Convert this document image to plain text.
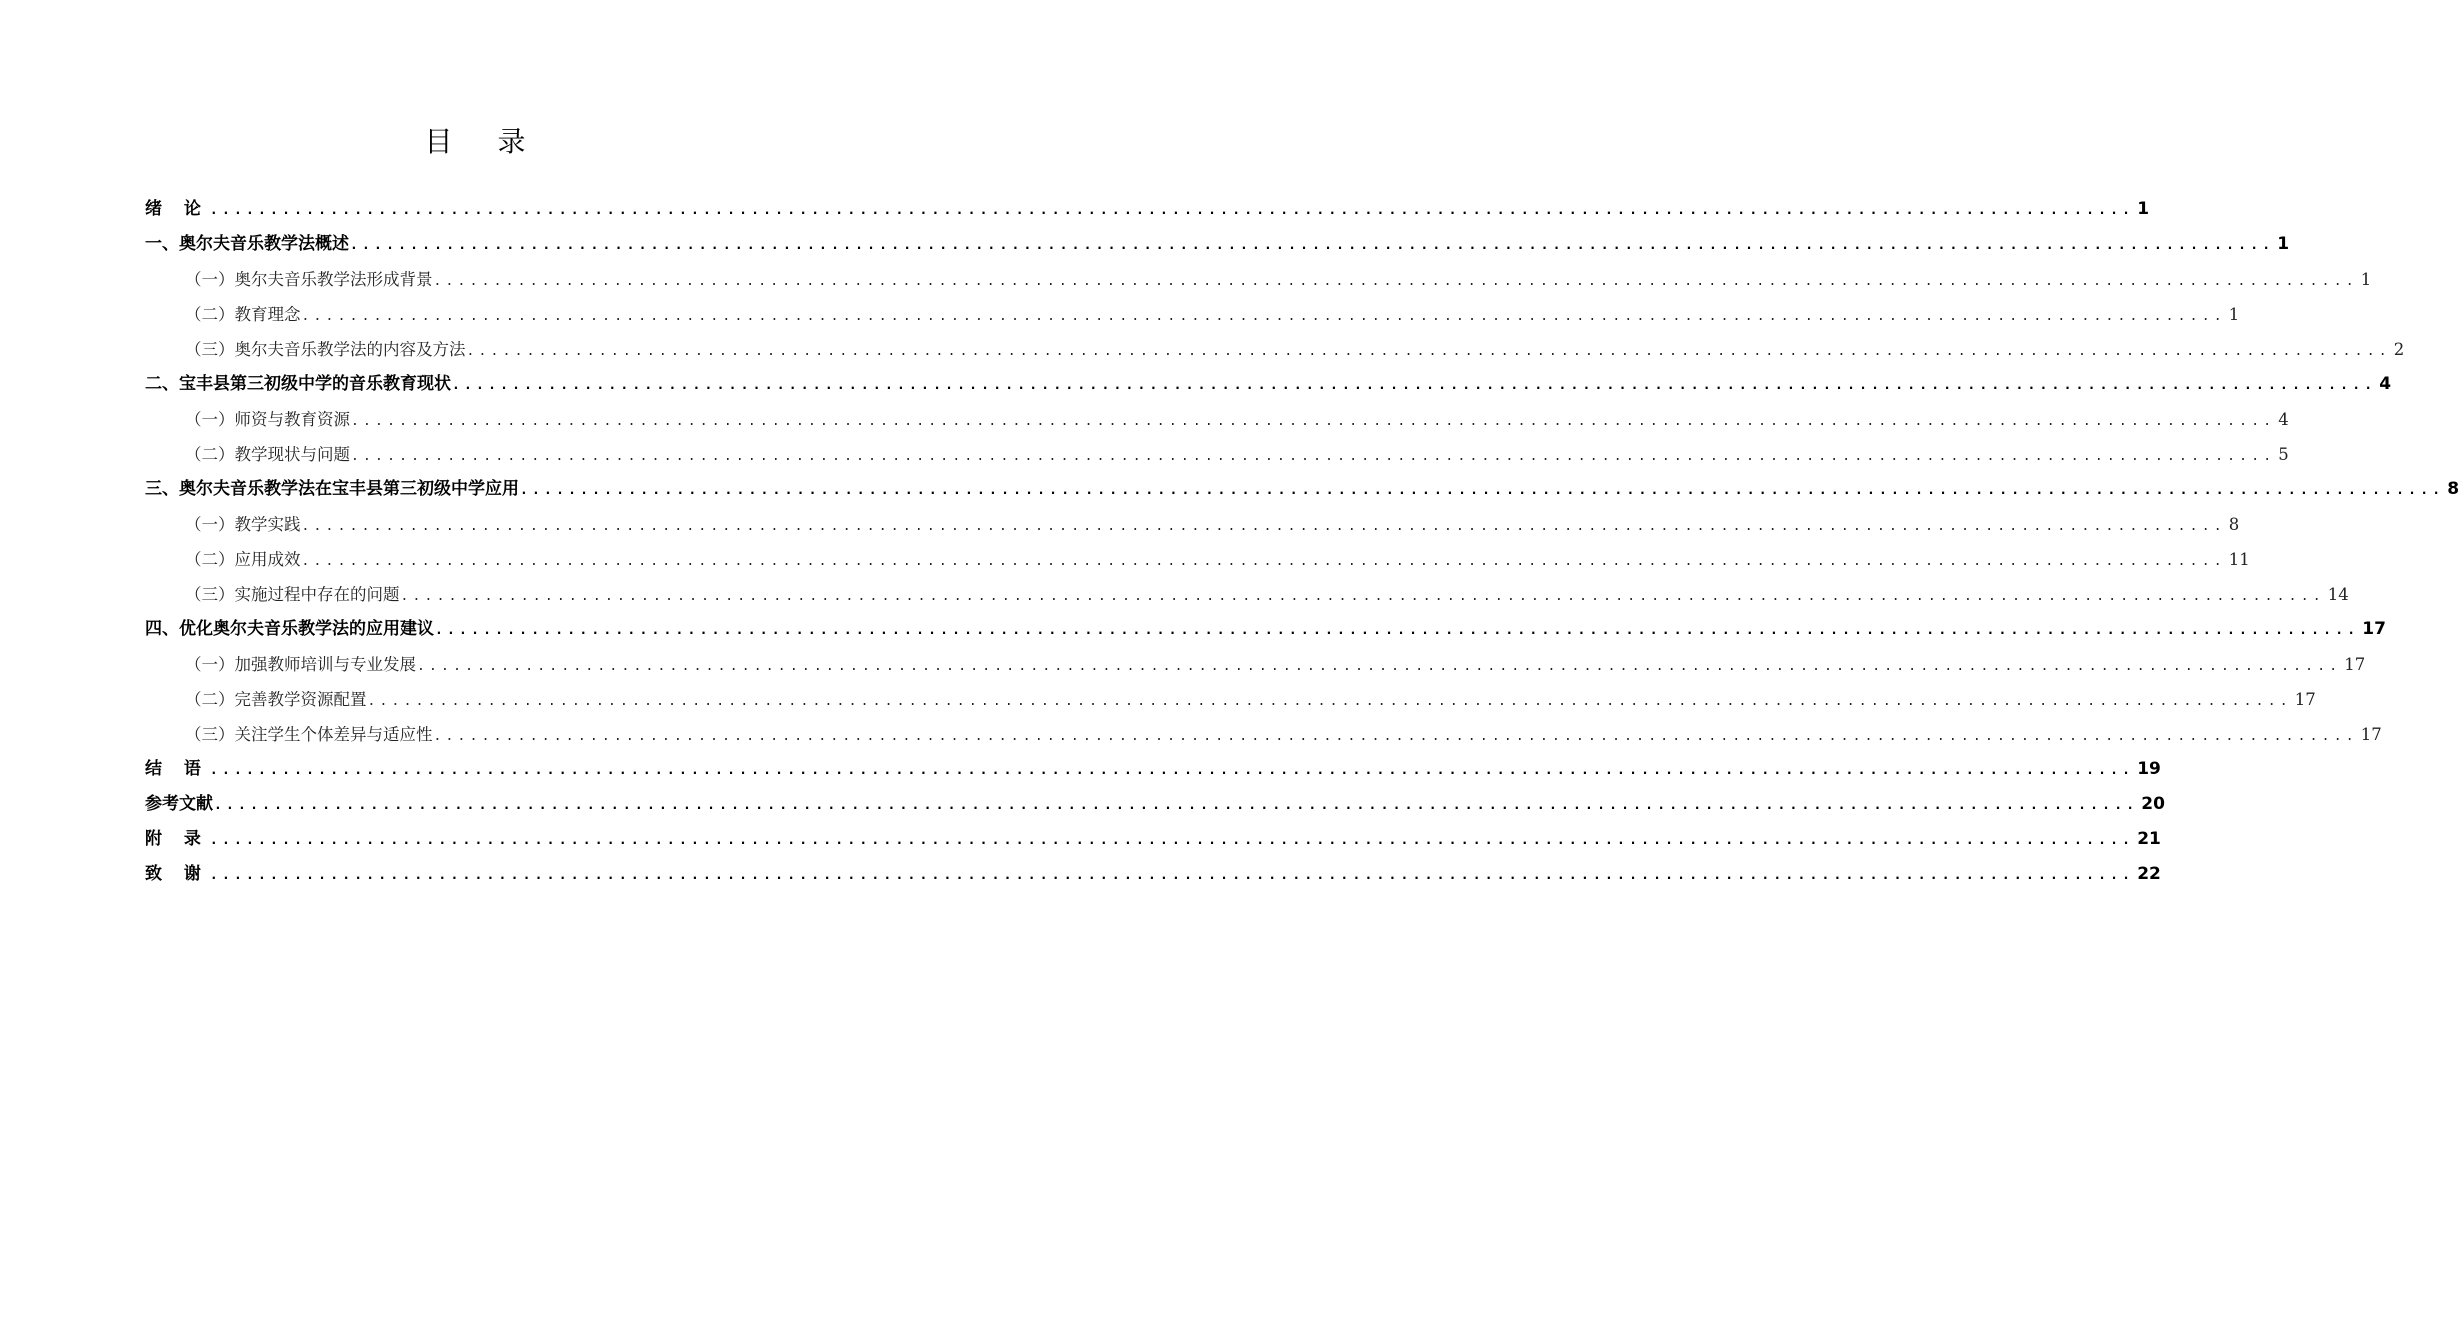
目 录
绪 论 ................................................................................................................................................................ 1
一、奥尔夫音乐教学法概述 ................................................................................................................................................................ 1
（一）奥尔夫音乐教学法形成背景 ................................................................................................................................................................ 1
（二）教育理念 ................................................................................................................................................................ 1
（三）奥尔夫音乐教学法的内容及方法 ................................................................................................................................................................ 2
二、宝丰县第三初级中学的音乐教育现状 ................................................................................................................................................................ 4
（一）师资与教育资源 ................................................................................................................................................................ 4
（二）教学现状与问题 ................................................................................................................................................................ 5
三、奥尔夫音乐教学法在宝丰县第三初级中学应用 ................................................................................................................................................................ 8
（一）教学实践 ................................................................................................................................................................ 8
（二）应用成效 ................................................................................................................................................................ 11
（三）实施过程中存在的问题 ................................................................................................................................................................ 14
四、优化奥尔夫音乐教学法的应用建议 ................................................................................................................................................................ 17
（一）加强教师培训与专业发展 ................................................................................................................................................................ 17
（二）完善教学资源配置 ................................................................................................................................................................ 17
（三）关注学生个体差异与适应性 ................................................................................................................................................................ 17
结 语 ................................................................................................................................................................ 19
参考文献 ................................................................................................................................................................ 20
附 录 ................................................................................................................................................................ 21
致 谢 ................................................................................................................................................................ 22
